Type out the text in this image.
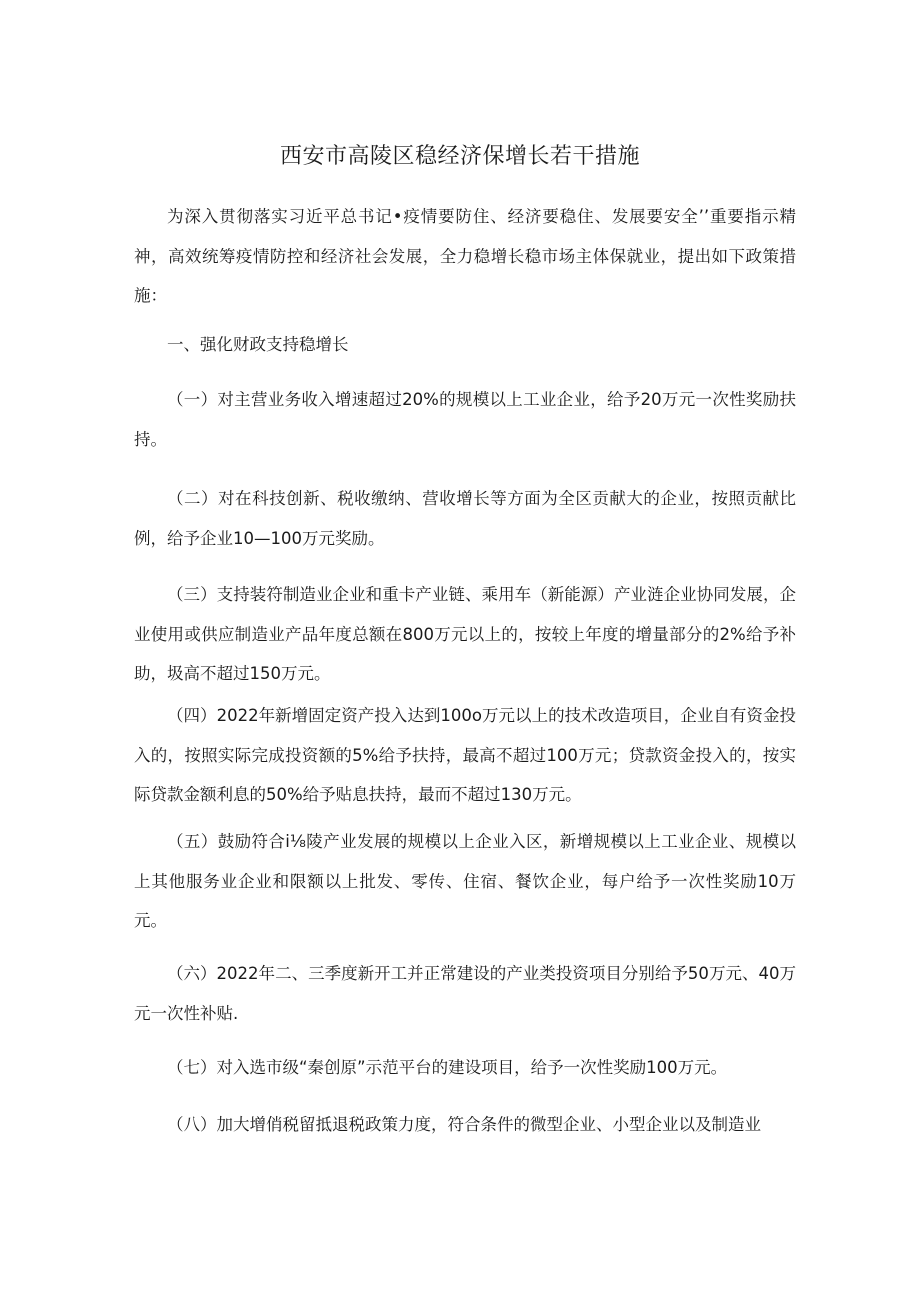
西安市高陵区稳经济保增长若干措施

为深入贯彻落实习近平总书记•疫情要防住、经济要稳住、发展要安全’’重要指示精神，高效统筹疫情防控和经济社会发展，全力稳增长稳市场主体保就业，提出如下政策措施：

一、强化财政支持稳增长

（一）对主营业务收入增速超过20%的规模以上工业企业，给予20万元一次性奖励扶持。

（二）对在科技创新、税收缴纳、营收增长等方面为全区贡献大的企业，按照贡献比例，给予企业10—100万元奖励。

（三）支持装符制造业企业和重卡产业链、乘用车（新能源）产业涟企业协同发展，企业使用或供应制造业产品年度总额在800万元以上的，按较上年度的增量部分的2%给予补助，圾高不超过150万元。

（四）2022年新增固定资产投入达到100o万元以上的技术改造项目，企业自有资金投入的，按照实际完成投资额的5%给予扶持，最高不超过100万元；贷款资金投入的，按实际贷款金额利息的50%给予贴息扶持，最而不超过130万元。

（五）鼓励符合i⅛陵产业发展的规模以上企业入区，新增规模以上工业企业、规模以上其他服务业企业和限额以上批发、零传、住宿、餐饮企业，每户给予一次性奖励10万元。

（六）2022年二、三季度新开工并正常建设的产业类投资项目分别给予50万元、40万元一次性补贴.

（七）对入选市级“秦创原”示范平台的建设项目，给予一次性奖励100万元。

（八）加大增俏税留抵退税政策力度，符合条件的微型企业、小型企业以及制造业
